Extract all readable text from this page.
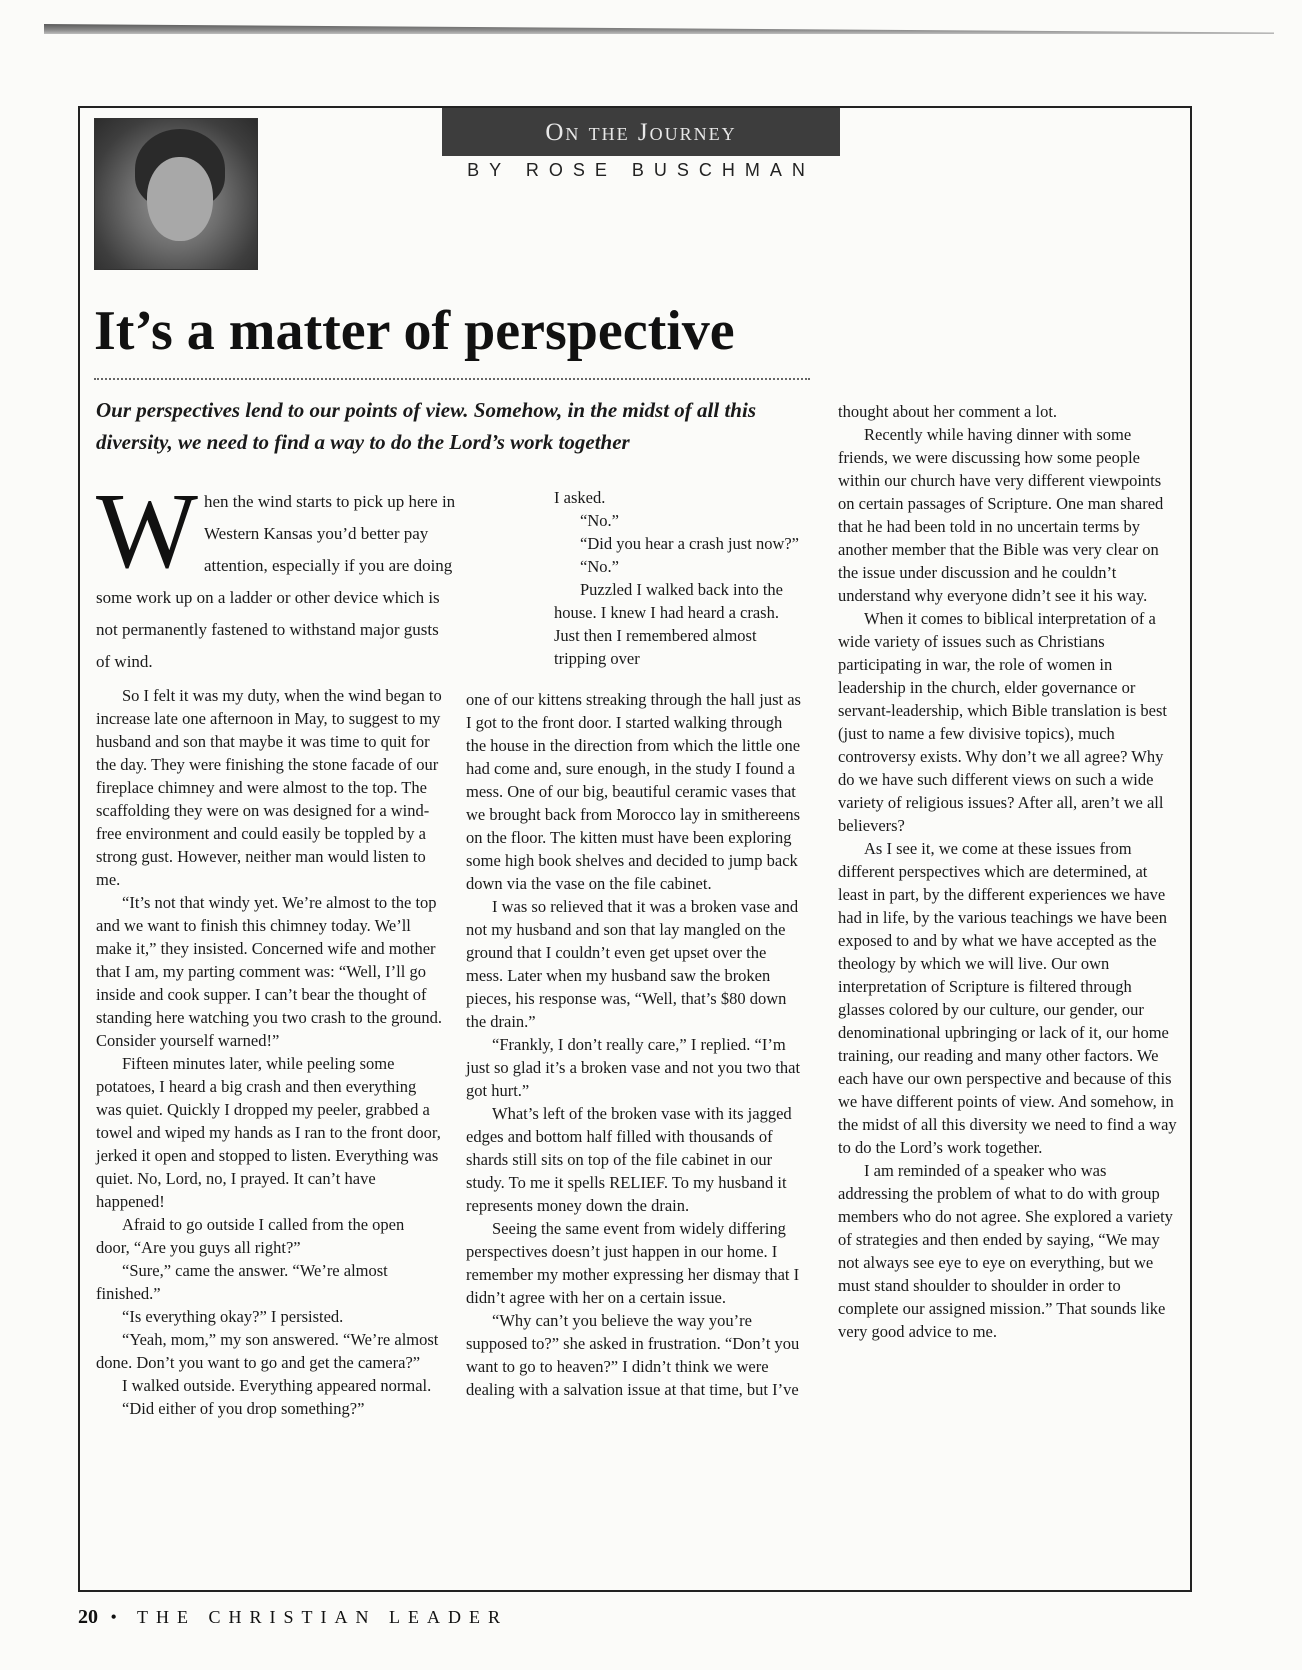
On the Journey
BY ROSE BUSCHMAN
It’s a matter of perspective
Our perspectives lend to our points of view. Somehow, in the midst of all this diversity, we need to find a way to do the Lord’s work together
W hen the wind starts to pick up here in
Western Kansas you’d better pay
attention, especially if you are doing
some work up on a ladder or other device which is
not permanently fastened to withstand major gusts
of wind.

So I felt it was my duty, when the wind began to increase late one afternoon in May, to suggest to my husband and son that maybe it was time to quit for the day. They were finishing the stone facade of our fireplace chimney and were almost to the top. The scaffolding they were on was designed for a wind-free environment and could easily be toppled by a strong gust. However, neither man would listen to me.

“It’s not that windy yet. We’re almost to the top and we want to finish this chimney today. We’ll make it,” they insisted. Concerned wife and mother that I am, my parting comment was: “Well, I’ll go inside and cook supper. I can’t bear the thought of standing here watching you two crash to the ground. Consider yourself warned!”

Fifteen minutes later, while peeling some potatoes, I heard a big crash and then everything was quiet. Quickly I dropped my peeler, grabbed a towel and wiped my hands as I ran to the front door, jerked it open and stopped to listen. Everything was quiet. No, Lord, no, I prayed. It can’t have happened!

Afraid to go outside I called from the open door, “Are you guys all right?”

“Sure,” came the answer. “We’re almost finished.”

“Is everything okay?” I persisted.

“Yeah, mom,” my son answered. “We’re almost done. Don’t you want to go and get the camera?”

I walked outside. Everything appeared normal.

“Did either of you drop something?”

I asked.

“No.”

“Did you hear a crash just now?”

“No.”

Puzzled I walked back into the house. I knew I had heard a crash. Just then I remembered almost tripping over

one of our kittens streaking through the hall just as I got to the front door. I started walking through the house in the direction from which the little one had come and, sure enough, in the study I found a mess. One of our big, beautiful ceramic vases that we brought back from Morocco lay in smithereens on the floor. The kitten must have been exploring some high book shelves and decided to jump back down via the vase on the file cabinet.

I was so relieved that it was a broken vase and not my husband and son that lay mangled on the ground that I couldn’t even get upset over the mess. Later when my husband saw the broken pieces, his response was, “Well, that’s $80 down the drain.”

“Frankly, I don’t really care,” I replied. “I’m just so glad it’s a broken vase and not you two that got hurt.”

What’s left of the broken vase with its jagged edges and bottom half filled with thousands of shards still sits on top of the file cabinet in our study. To me it spells RELIEF. To my husband it represents money down the drain.

Seeing the same event from widely differing perspectives doesn’t just happen in our home. I remember my mother expressing her dismay that I didn’t agree with her on a certain issue.

“Why can’t you believe the way you’re supposed to?” she asked in frustration. “Don’t you want to go to heaven?” I didn’t think we were dealing with a salvation issue at that time, but I’ve

thought about her comment a lot.

Recently while having dinner with some friends, we were discussing how some people within our church have very different viewpoints on certain passages of Scripture. One man shared that he had been told in no uncertain terms by another member that the Bible was very clear on the issue under discussion and he couldn’t understand why everyone didn’t see it his way.

When it comes to biblical interpretation of a wide variety of issues such as Christians participating in war, the role of women in leadership in the church, elder governance or servant-leadership, which Bible translation is best (just to name a few divisive topics), much controversy exists. Why don’t we all agree? Why do we have such different views on such a wide variety of religious issues? After all, aren’t we all believers?

As I see it, we come at these issues from different perspectives which are determined, at least in part, by the different experiences we have had in life, by the various teachings we have been exposed to and by what we have accepted as the theology by which we will live. Our own interpretation of Scripture is filtered through glasses colored by our culture, our gender, our denominational upbringing or lack of it, our home training, our reading and many other factors. We each have our own perspective and because of this we have different points of view. And somehow, in the midst of all this diversity we need to find a way to do the Lord’s work together.

I am reminded of a speaker who was addressing the problem of what to do with group members who do not agree. She explored a variety of strategies and then ended by saying, “We may not always see eye to eye on everything, but we must stand shoulder to shoulder in order to complete our assigned mission.” That sounds like very good advice to me.

20 • THE CHRISTIAN LEADER
